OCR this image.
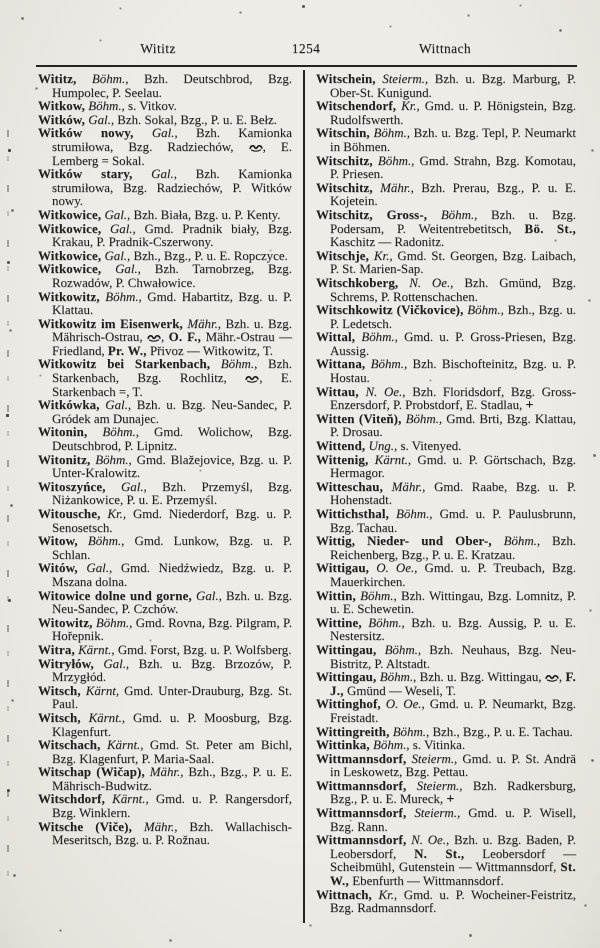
Wititz	1254	Wittnach
Wititz, Böhm., Bzh. Deutschbrod, Bzg. Humpolec, P. Seelau.
Witkow, Böhm., s. Vitkov.
Witków, Gal., Bzh. Sokal, Bzg., P. u. E. Bełz.
Witków nowy, Gal., Bzh. Kamionka strumiłowa, Bzg. Radziechów,
, E. Lemberg = Sokal.
Witków stary, Gal., Bzh. Kamionka strumiłowa, Bzg. Radziechów, P. Witków nowy.
Witkowice, Gal., Bzh. Biała, Bzg. u. P. Kenty.
Witkowice, Gal., Gmd. Pradnik biały, Bzg. Krakau, P. Pradnik-Cszerwony.
Witkowice, Gal., Bzh., Bzg., P. u. E. Ropczyce.
Witkowice, Gal., Bzh. Tarnobrzeg, Bzg. Rozwadów, P. Chwałowice.
Witkowitz, Böhm., Gmd. Habartitz, Bzg. u. P. Klattau.
Witkowitz im Eisenwerk, Mähr., Bzh. u. Bzg. Mährisch-Ostrau,
, O. F., Mähr.-Ostrau — Friedland, Pr. W., Přivoz — Witkowitz, T.
Witkowitz bei Starkenbach, Böhm., Bzh. Starkenbach, Bzg. Rochlitz,
, E. Starkenbach =, T.
Witkówka, Gal., Bzh. u. Bzg. Neu-Sandec, P. Gródek am Dunajec.
Witonin, Böhm., Gmd. Wolichow, Bzg. Deutschbrod, P. Lipnitz.
Witonitz, Böhm., Gmd. Blažejovice, Bzg. u. P. Unter-Kralowitz.
Witoszyńce, Gal., Bzh. Przemyśl, Bzg. Niżankowice, P. u. E. Przemyśl.
Witousche, Kr., Gmd. Niederdorf, Bzg. u. P. Senosetsch.
Witow, Böhm., Gmd. Lunkow, Bzg. u. P. Schlan.
Witów, Gal., Gmd. Niedźwiedz, Bzg. u. P. Mszana dolna.
Witowice dolne und gorne, Gal., Bzh. u. Bzg. Neu-Sandec, P. Czchów.
Witowitz, Böhm., Gmd. Rovna, Bzg. Pilgram, P. Hořepnik.
Witra, Kärnt., Gmd. Forst, Bzg. u. P. Wolfsberg.
Witryłów, Gal., Bzh. u. Bzg. Brzozów, P. Mrzygłód.
Witsch, Kärnt, Gmd. Unter-Drauburg, Bzg. St. Paul.
Witsch, Kärnt., Gmd. u. P. Moosburg, Bzg. Klagenfurt.
Witschach, Kärnt., Gmd. St. Peter am Bichl, Bzg. Klagenfurt, P. Maria-Saal.
Witschap (Wičap), Mähr., Bzh., Bzg., P. u. E. Mährisch-Budwitz.
Witschdorf, Kärnt., Gmd. u. P. Rangersdorf, Bzg. Winklern.
Witsche (Viče), Mähr., Bzh. Wallachisch-Meseritsch, Bzg. u. P. Rožnau.
Witschein, Steierm., Bzh. u. Bzg. Marburg, P. Ober-St. Kunigund.
Witschendorf, Kr., Gmd. u. P. Hönigstein, Bzg. Rudolfswerth.
Witschin, Böhm., Bzh. u. Bzg. Tepl, P. Neumarkt in Böhmen.
Witschitz, Böhm., Gmd. Strahn, Bzg. Komotau, P. Priesen.
Witschitz, Mähr., Bzh. Prerau, Bzg., P. u. E. Kojetein.
Witschitz, Gross-, Böhm., Bzh. u. Bzg. Podersam, P. Weitentrebetitsch, Bö. St., Kaschitz — Radonitz.
Witschje, Kr., Gmd. St. Georgen, Bzg. Laibach, P. St. Marien-Sap.
Witschkoberg, N. Oe., Bzh. Gmünd, Bzg. Schrems, P. Rottenschachen.
Witschkowitz (Vičkovice), Böhm., Bzh., Bzg. u. P. Ledetsch.
Wittal, Böhm., Gmd. u. P. Gross-Priesen, Bzg. Aussig.
Wittana, Böhm., Bzh. Bischofteinitz, Bzg. u. P. Hostau.
Wittau, N. Oe., Bzh. Floridsdorf, Bzg. Gross-Enzersdorf, P. Probstdorf, E. Stadlau, +
Witten (Viteň), Böhm., Gmd. Brti, Bzg. Klattau, P. Drosau.
Wittend, Ung., s. Vitenyed.
Wittenig, Kärnt., Gmd. u. P. Görtschach, Bzg. Hermagor.
Witteschau, Mähr., Gmd. Raabe, Bzg. u. P. Hohenstadt.
Wittichsthal, Böhm., Gmd. u. P. Paulusbrunn, Bzg. Tachau.
Wittig, Nieder- und Ober-, Böhm., Bzh. Reichenberg, Bzg., P. u. E. Kratzau.
Wittigau, O. Oe., Gmd. u. P. Treubach, Bzg. Mauerkirchen.
Wittin, Böhm., Bzh. Wittingau, Bzg. Lomnitz, P. u. E. Schewetin.
Wittine, Böhm., Bzh. u. Bzg. Aussig, P. u. E. Nestersitz.
Wittingau, Böhm., Bzh. Neuhaus, Bzg. Neu-Bistritz, P. Altstadt.
Wittingau, Böhm., Bzh. u. Bzg. Wittingau,
, F. J., Gmünd — Weseli, T.
Wittinghof, O. Oe., Gmd. u. P. Neumarkt, Bzg. Freistadt.
Wittingreith, Böhm., Bzh., Bzg., P. u. E. Tachau.
Wittinka, Böhm., s. Vitinka.
Wittmannsdorf, Steierm., Gmd. u. P. St. Andrä in Leskowetz, Bzg. Pettau.
Wittmannsdorf, Steierm., Bzh. Radkersburg, Bzg., P. u. E. Mureck, +
Wittmannsdorf, Steierm., Gmd. u. P. Wisell, Bzg. Rann.
Wittmannsdorf, N. Oe., Bzh. u. Bzg. Baden, P. Leobersdorf, N. St., Leobersdorf — Scheibmühl, Gutenstein — Wittmannsdorf, St. W., Ebenfurth — Wittmannsdorf.
Wittnach, Kr., Gmd. u. P. Wocheiner-Feistritz, Bzg. Radmannsdorf.
